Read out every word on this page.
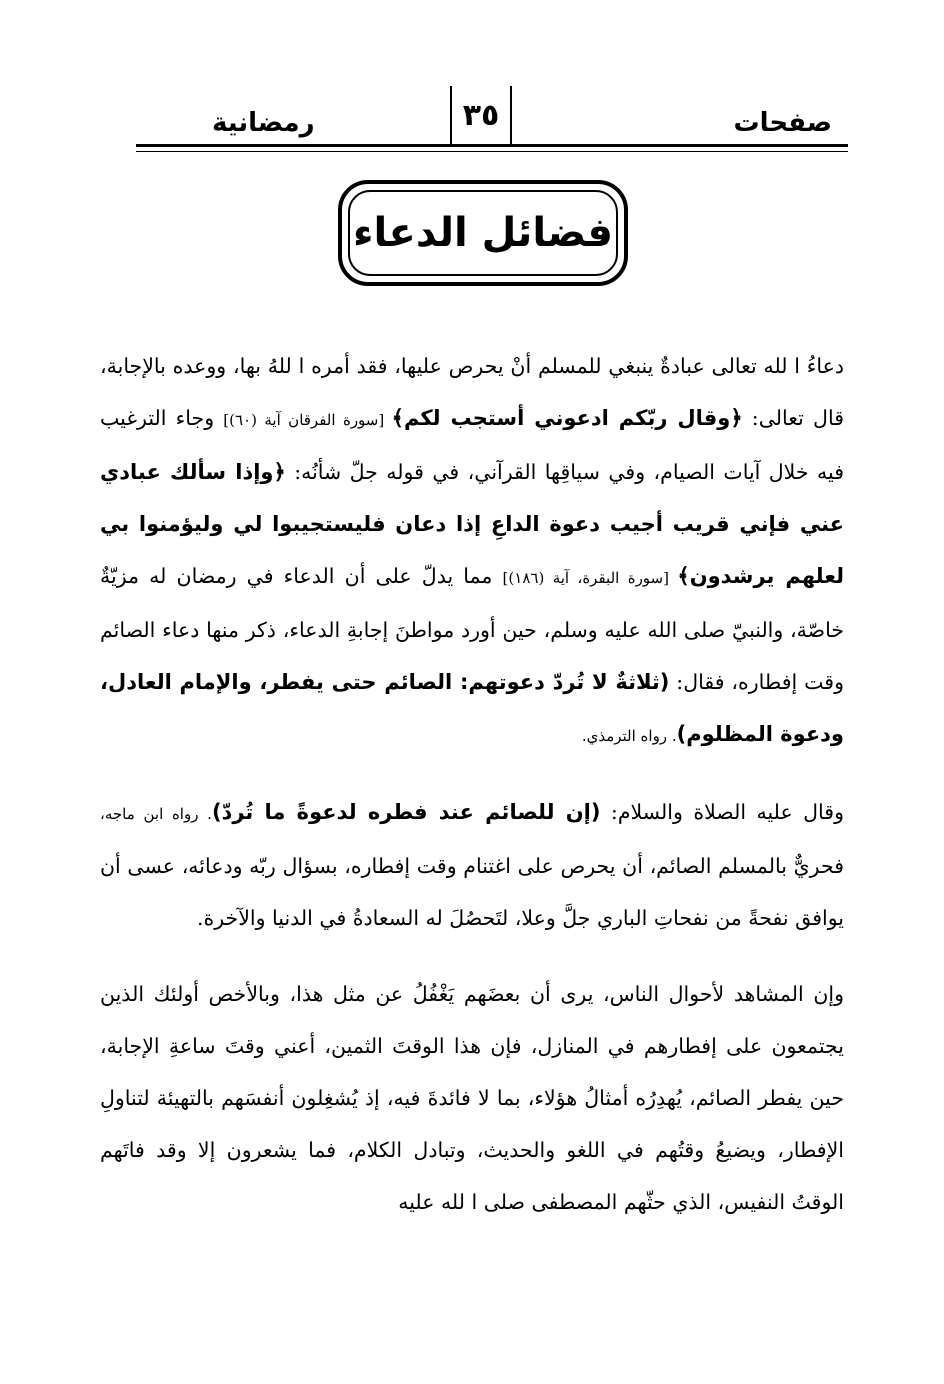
صفحات
رمضانية	٣٥
فضائل الدعاء

دعاءُ ا لله تعالى عبادةٌ ينبغي للمسلم أنْ يحرص عليها، فقد أمره ا للهُ بها، ووعده بالإجابة، قال تعالى: ﴿وقال ربّكم ادعوني أستجب لكم﴾ [سورة الفرقان آية (٦٠)] وجاء الترغيب فيه خلال آيات الصيام، وفي سياقِها القرآني، في قوله جلّ شأنُه: ﴿وإذا سألك عبادي عني فإني قريب أجيب دعوة الداعِ إذا دعان فليستجيبوا لي وليؤمنوا بي لعلهم يرشدون﴾ [سورة البقرة، آية (١٨٦)] مما يدلّ على أن الدعاء في رمضان له مزيّةٌ خاصّة، والنبيّ صلى الله عليه وسلم، حين أورد مواطنَ إجابةِ الدعاء، ذكر منها دعاء الصائم وقت إفطاره، فقال: (ثلاثةٌ لا تُردّ دعوتهم: الصائم حتى يفطر، والإمام العادل، ودعوة المظلوم). رواه الترمذي.

وقال عليه الصلاة والسلام: (إن للصائم عند فطره لدعوةً ما تُردّ). رواه ابن ماجه، فحريٌّ بالمسلم الصائم، أن يحرص على اغتنام وقت إفطاره، بسؤال ربّه ودعائه، عسى أن يوافق نفحةً من نفحاتِ الباري جلَّ وعلا، لتَحصُلَ له السعادةُ في الدنيا والآخرة.

وإن المشاهد لأحوال الناس، يرى أن بعضَهم يَغْفُلُ عن مثل هذا، وبالأخص أولئك الذين يجتمعون على إفطارهم في المنازل، فإن هذا الوقتَ الثمين، أعني وقتَ ساعةِ الإجابة، حين يفطر الصائم، يُهدِرُه أمثالُ هؤلاء، بما لا فائدةَ فيه، إذ يُشغِلون أنفسَهم بالتهيئة لتناولِ الإفطار، ويضيعُ وقتُهم في اللغو والحديث، وتبادل الكلام، فما يشعرون إلا وقد فاتَهم الوقتُ النفيس، الذي حثّهم المصطفى صلى ا لله عليه
